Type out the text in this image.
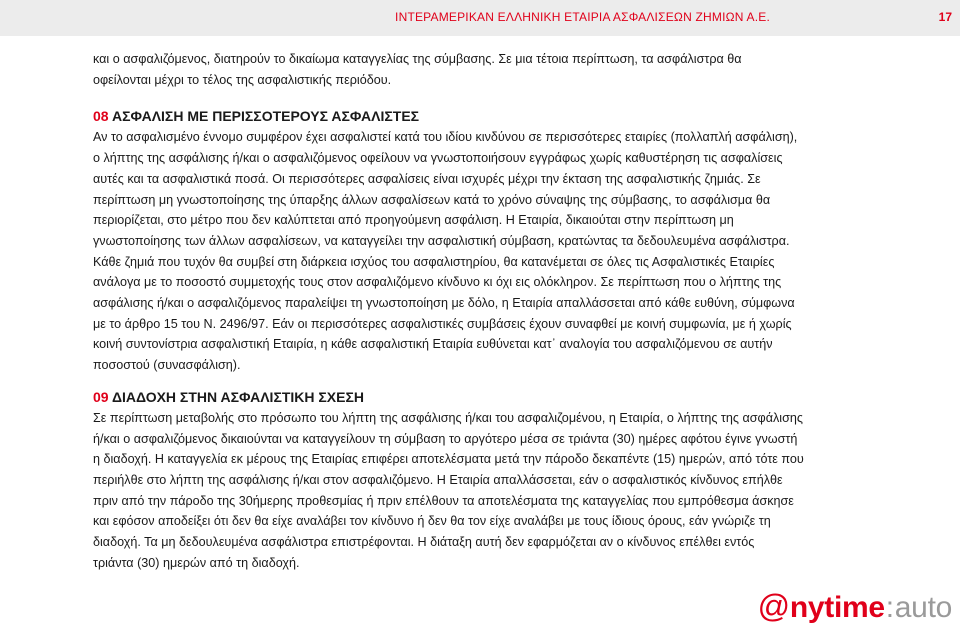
ΙΝΤΕΡΑΜΕΡΙΚΑΝ ΕΛΛΗΝΙΚΗ ΕΤΑΙΡΙΑ ΑΣΦΑΛΙΣΕΩΝ ΖΗΜΙΩΝ Α.Ε.	17

και ο ασφαλιζόμενος, διατηρούν το δικαίωμα καταγγελίας της σύμβασης. Σε μια τέτοια περίπτωση, τα ασφάλιστρα θα

οφείλονται μέχρι το τέλος της ασφαλιστικής περιόδου.

08 ΑΣΦΑΛΙΣΗ ΜΕ ΠΕΡΙΣΣΟΤΕΡΟΥΣ ΑΣΦΑΛΙΣΤΕΣ

Αν το ασφαλισμένο έννομο συμφέρον έχει ασφαλιστεί κατά του ιδίου κινδύνου σε περισσότερες εταιρίες (πολλαπλή ασφάλιση),

ο λήπτης της ασφάλισης ή/και ο ασφαλιζόμενος οφείλουν να γνωστοποιήσουν εγγράφως χωρίς καθυστέρηση τις ασφαλίσεις

αυτές και τα ασφαλιστικά ποσά. Οι περισσότερες ασφαλίσεις είναι ισχυρές μέχρι την έκταση της ασφαλιστικής ζημιάς. Σε

περίπτωση μη γνωστοποίησης της ύπαρξης άλλων ασφαλίσεων κατά το χρόνο σύναψης της σύμβασης, το ασφάλισμα θα

περιορίζεται, στο μέτρο που δεν καλύπτεται από προηγούμενη ασφάλιση. Η Εταιρία, δικαιούται στην περίπτωση μη

γνωστοποίησης των άλλων ασφαλίσεων, να καταγγείλει την ασφαλιστική σύμβαση, κρατώντας τα δεδουλευμένα ασφάλιστρα.

Κάθε ζημιά που τυχόν θα συμβεί στη διάρκεια ισχύος του ασφαλιστηρίου, θα κατανέμεται σε όλες τις Ασφαλιστικές Εταιρίες

ανάλογα με το ποσοστό συμμετοχής τους στον ασφαλιζόμενο κίνδυνο κι όχι εις ολόκληρον. Σε περίπτωση που ο λήπτης της

ασφάλισης ή/και ο ασφαλιζόμενος παραλείψει τη γνωστοποίηση με δόλο, η Εταιρία απαλλάσσεται από κάθε ευθύνη, σύμφωνα

με το άρθρο 15 του Ν. 2496/97. Εάν οι περισσότερες ασφαλιστικές συμβάσεις έχουν συναφθεί με κοινή συμφωνία, με ή χωρίς

κοινή συντονίστρια ασφαλιστική Εταιρία, η κάθε ασφαλιστική Εταιρία ευθύνεται κατ᾽ αναλογία του ασφαλιζόμενου σε αυτήν

ποσοστού (συνασφάλιση).

09 ΔΙΑΔΟΧΗ ΣΤΗΝ ΑΣΦΑΛΙΣΤΙΚΗ ΣΧΕΣΗ

Σε περίπτωση μεταβολής στο πρόσωπο του λήπτη της ασφάλισης ή/και του ασφαλιζομένου, η Εταιρία, ο λήπτης της ασφάλισης

ή/και ο ασφαλιζόμενος δικαιούνται να καταγγείλουν τη σύμβαση το αργότερο μέσα σε τριάντα (30) ημέρες αφότου έγινε γνωστή

η διαδοχή. Η καταγγελία εκ μέρους της Εταιρίας επιφέρει αποτελέσματα μετά την πάροδο δεκαπέντε (15) ημερών, από τότε που

περιήλθε στο λήπτη της ασφάλισης ή/και στον ασφαλιζόμενο. Η Εταιρία απαλλάσσεται, εάν ο ασφαλιστικός κίνδυνος επήλθε

πριν από την πάροδο της 30ήμερης προθεσμίας ή πριν επέλθουν τα αποτελέσματα της καταγγελίας που εμπρόθεσμα άσκησε

και εφόσον αποδείξει ότι δεν θα είχε αναλάβει τον κίνδυνο ή δεν θα τον είχε αναλάβει με τους ίδιους όρους, εάν γνώριζε τη

διαδοχή. Τα μη δεδουλευμένα ασφάλιστρα επιστρέφονται. Η διάταξη αυτή δεν εφαρμόζεται αν ο κίνδυνος επέλθει εντός

τριάντα (30) ημερών από τη διαδοχή.

@nytime:auto
